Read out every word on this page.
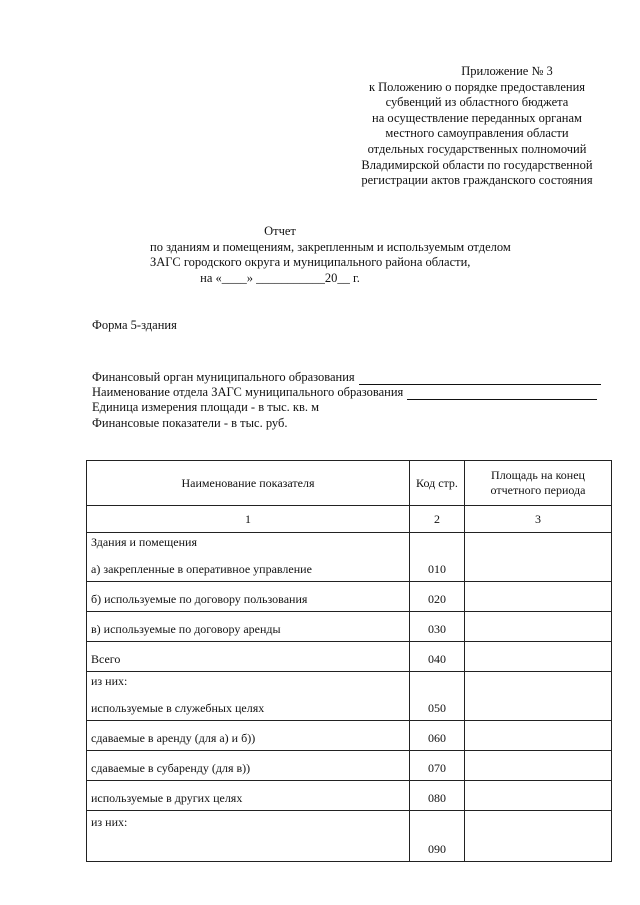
Приложение № 3
к Положению о порядке предоставления
субвенций из областного бюджета
на осуществление переданных органам
местного самоуправления области
отдельных государственных полномочий
Владимирской области по государственной
регистрации актов гражданского состояния
Отчет
по зданиям и помещениям, закрепленным и используемым отделом
ЗАГС городского округа и муниципального района области,
на «____» ___________20__ г.
Форма 5-здания
Финансовый орган муниципального образования
Наименование отдела ЗАГС муниципального образования
Единица измерения площади - в тыс. кв. м
Финансовые показатели - в тыс. руб.
Наименование показателя	Код стр.	Площадь на конец отчетного периода
1	2	3

Здания и помещения
а) закрепленные в оперативное управление	010	
б) используемые по договору пользования	020	
в) используемые по договору аренды	030	
Всего	040	

из них:
используемые в служебных целях	050	
сдаваемые в аренду (для а) и б))	060	
сдаваемые в субаренду (для в))	070	
используемые в других целях	080	

из них:	090	
